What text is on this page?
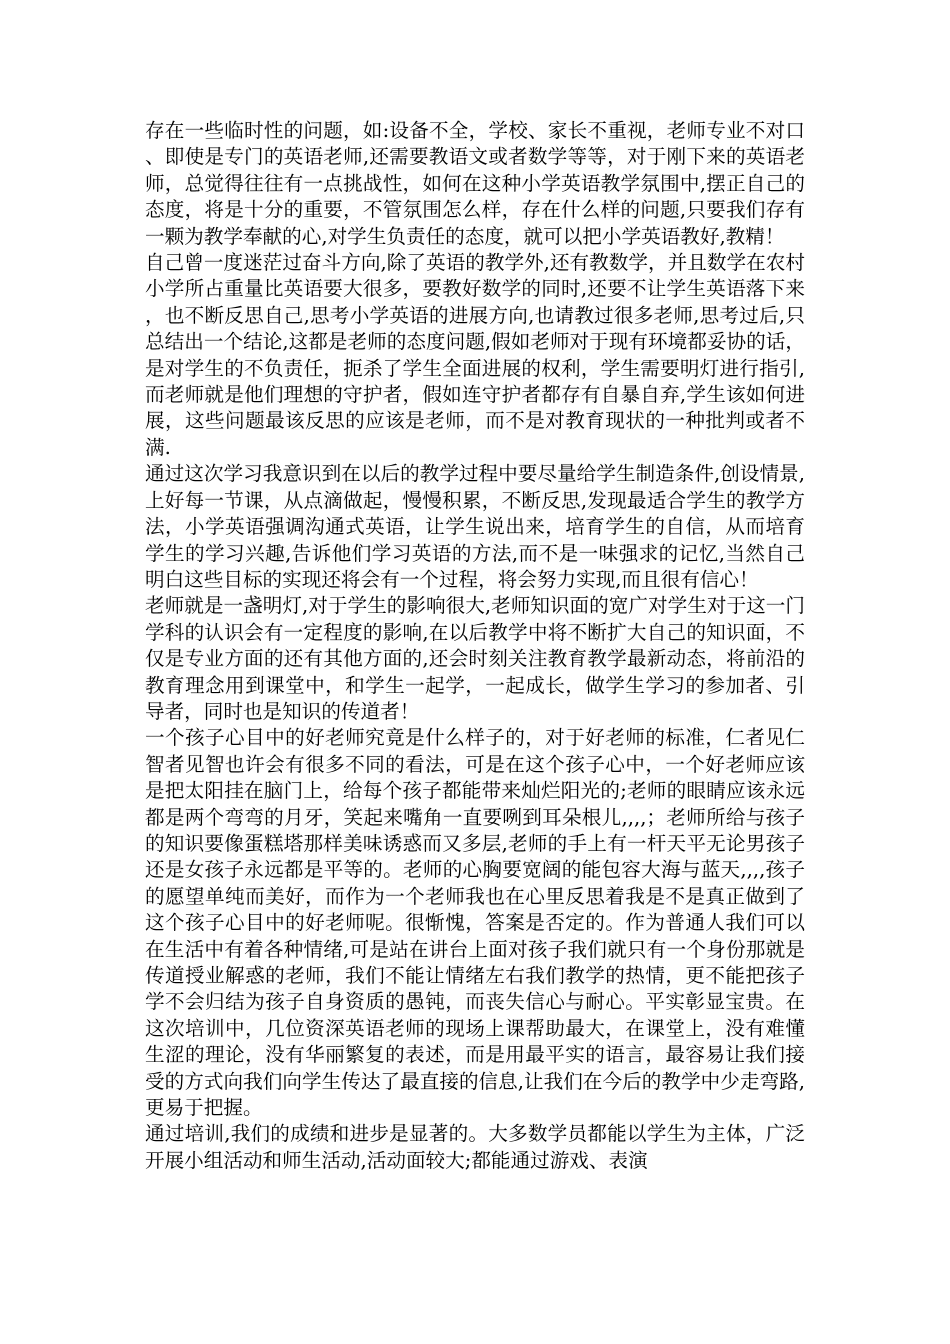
存在一些临时性的问题，如:设备不全，学校、家长不重视，老师专业不对口、即使是专门的英语老师,还需要教语文或者数学等等，对于刚下来的英语老师，总觉得往往有一点挑战性，如何在这种小学英语教学氛围中,摆正自己的态度，将是十分的重要，不管氛围怎么样，存在什么样的问题,只要我们存有一颗为教学奉献的心,对学生负责任的态度，就可以把小学英语教好,教精！

自己曾一度迷茫过奋斗方向,除了英语的教学外,还有教数学，并且数学在农村小学所占重量比英语要大很多，要教好数学的同时,还要不让学生英语落下来，也不断反思自己,思考小学英语的进展方向,也请教过很多老师,思考过后,只总结出一个结论,这都是老师的态度问题,假如老师对于现有环境都妥协的话，是对学生的不负责任，扼杀了学生全面进展的权利，学生需要明灯进行指引,而老师就是他们理想的守护者，假如连守护者都存有自暴自弃,学生该如何进展，这些问题最该反思的应该是老师，而不是对教育现状的一种批判或者不满.

通过这次学习我意识到在以后的教学过程中要尽量给学生制造条件,创设情景,上好每一节课，从点滴做起，慢慢积累，不断反思,发现最适合学生的教学方法，小学英语强调沟通式英语，让学生说出来，培育学生的自信，从而培育学生的学习兴趣,告诉他们学习英语的方法,而不是一味强求的记忆,当然自己明白这些目标的实现还将会有一个过程，将会努力实现,而且很有信心！

老师就是一盏明灯,对于学生的影响很大,老师知识面的宽广对学生对于这一门学科的认识会有一定程度的影响,在以后教学中将不断扩大自己的知识面，不仅是专业方面的还有其他方面的,还会时刻关注教育教学最新动态，将前沿的教育理念用到课堂中，和学生一起学，一起成长，做学生学习的参加者、引导者，同时也是知识的传道者！

一个孩子心目中的好老师究竟是什么样子的，对于好老师的标准，仁者见仁智者见智也许会有很多不同的看法，可是在这个孩子心中，一个好老师应该是把太阳挂在脑门上，给每个孩子都能带来灿烂阳光的;老师的眼睛应该永远都是两个弯弯的月牙，笑起来嘴角一直要咧到耳朵根儿,,,,；老师所给与孩子的知识要像蛋糕塔那样美味诱惑而又多层,老师的手上有一杆天平无论男孩子还是女孩子永远都是平等的。老师的心胸要宽阔的能包容大海与蓝天,,,,孩子的愿望单纯而美好，而作为一个老师我也在心里反思着我是不是真正做到了这个孩子心目中的好老师呢。很惭愧，答案是否定的。作为普通人我们可以在生活中有着各种情绪,可是站在讲台上面对孩子我们就只有一个身份那就是传道授业解惑的老师，我们不能让情绪左右我们教学的热情，更不能把孩子学不会归结为孩子自身资质的愚钝，而丧失信心与耐心。平实彰显宝贵。在这次培训中，几位资深英语老师的现场上课帮助最大，在课堂上，没有难懂生涩的理论，没有华丽繁复的表述，而是用最平实的语言，最容易让我们接受的方式向我们向学生传达了最直接的信息,让我们在今后的教学中少走弯路,更易于把握。

通过培训,我们的成绩和进步是显著的。大多数学员都能以学生为主体，广泛开展小组活动和师生活动,活动面较大;都能通过游戏、表演
